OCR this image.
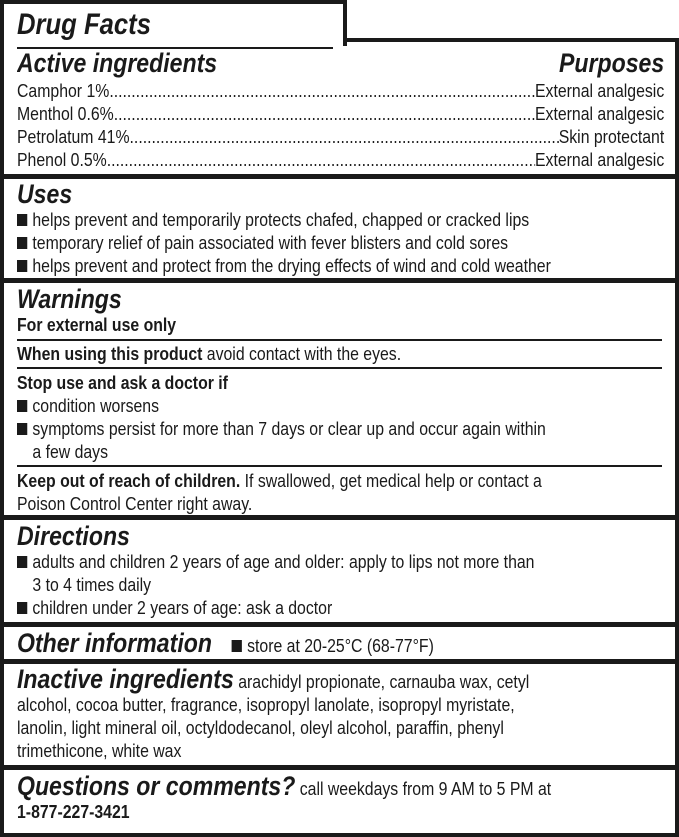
Drug Facts
Active ingredients	Purposes
Camphor 1% .....	External analgesic
Menthol 0.6% .....	External analgesic
Petrolatum 41% .....	Skin protectant
Phenol 0.5% .....	External analgesic
Uses
helps prevent and temporarily protects chafed, chapped or cracked lips
temporary relief of pain associated with fever blisters and cold sores
helps prevent and protect from the drying effects of wind and cold weather
Warnings
For external use only
When using this product avoid contact with the eyes.
Stop use and ask a doctor if
condition worsens
symptoms persist for more than 7 days or clear up and occur again within
a few days
Keep out of reach of children. If swallowed, get medical help or contact a
Poison Control Center right away.
Directions
adults and children 2 years of age and older: apply to lips not more than
3 to 4 times daily
children under 2 years of age: ask a doctor
Other information store at 20-25°C (68-77°F)
Inactive ingredients arachidyl propionate, carnauba wax, cetyl
alcohol, cocoa butter, fragrance, isopropyl lanolate, isopropyl myristate,
lanolin, light mineral oil, octyldodecanol, oleyl alcohol, paraffin, phenyl
trimethicone, white wax
Questions or comments? call weekdays from 9 AM to 5 PM at
1-877-227-3421
